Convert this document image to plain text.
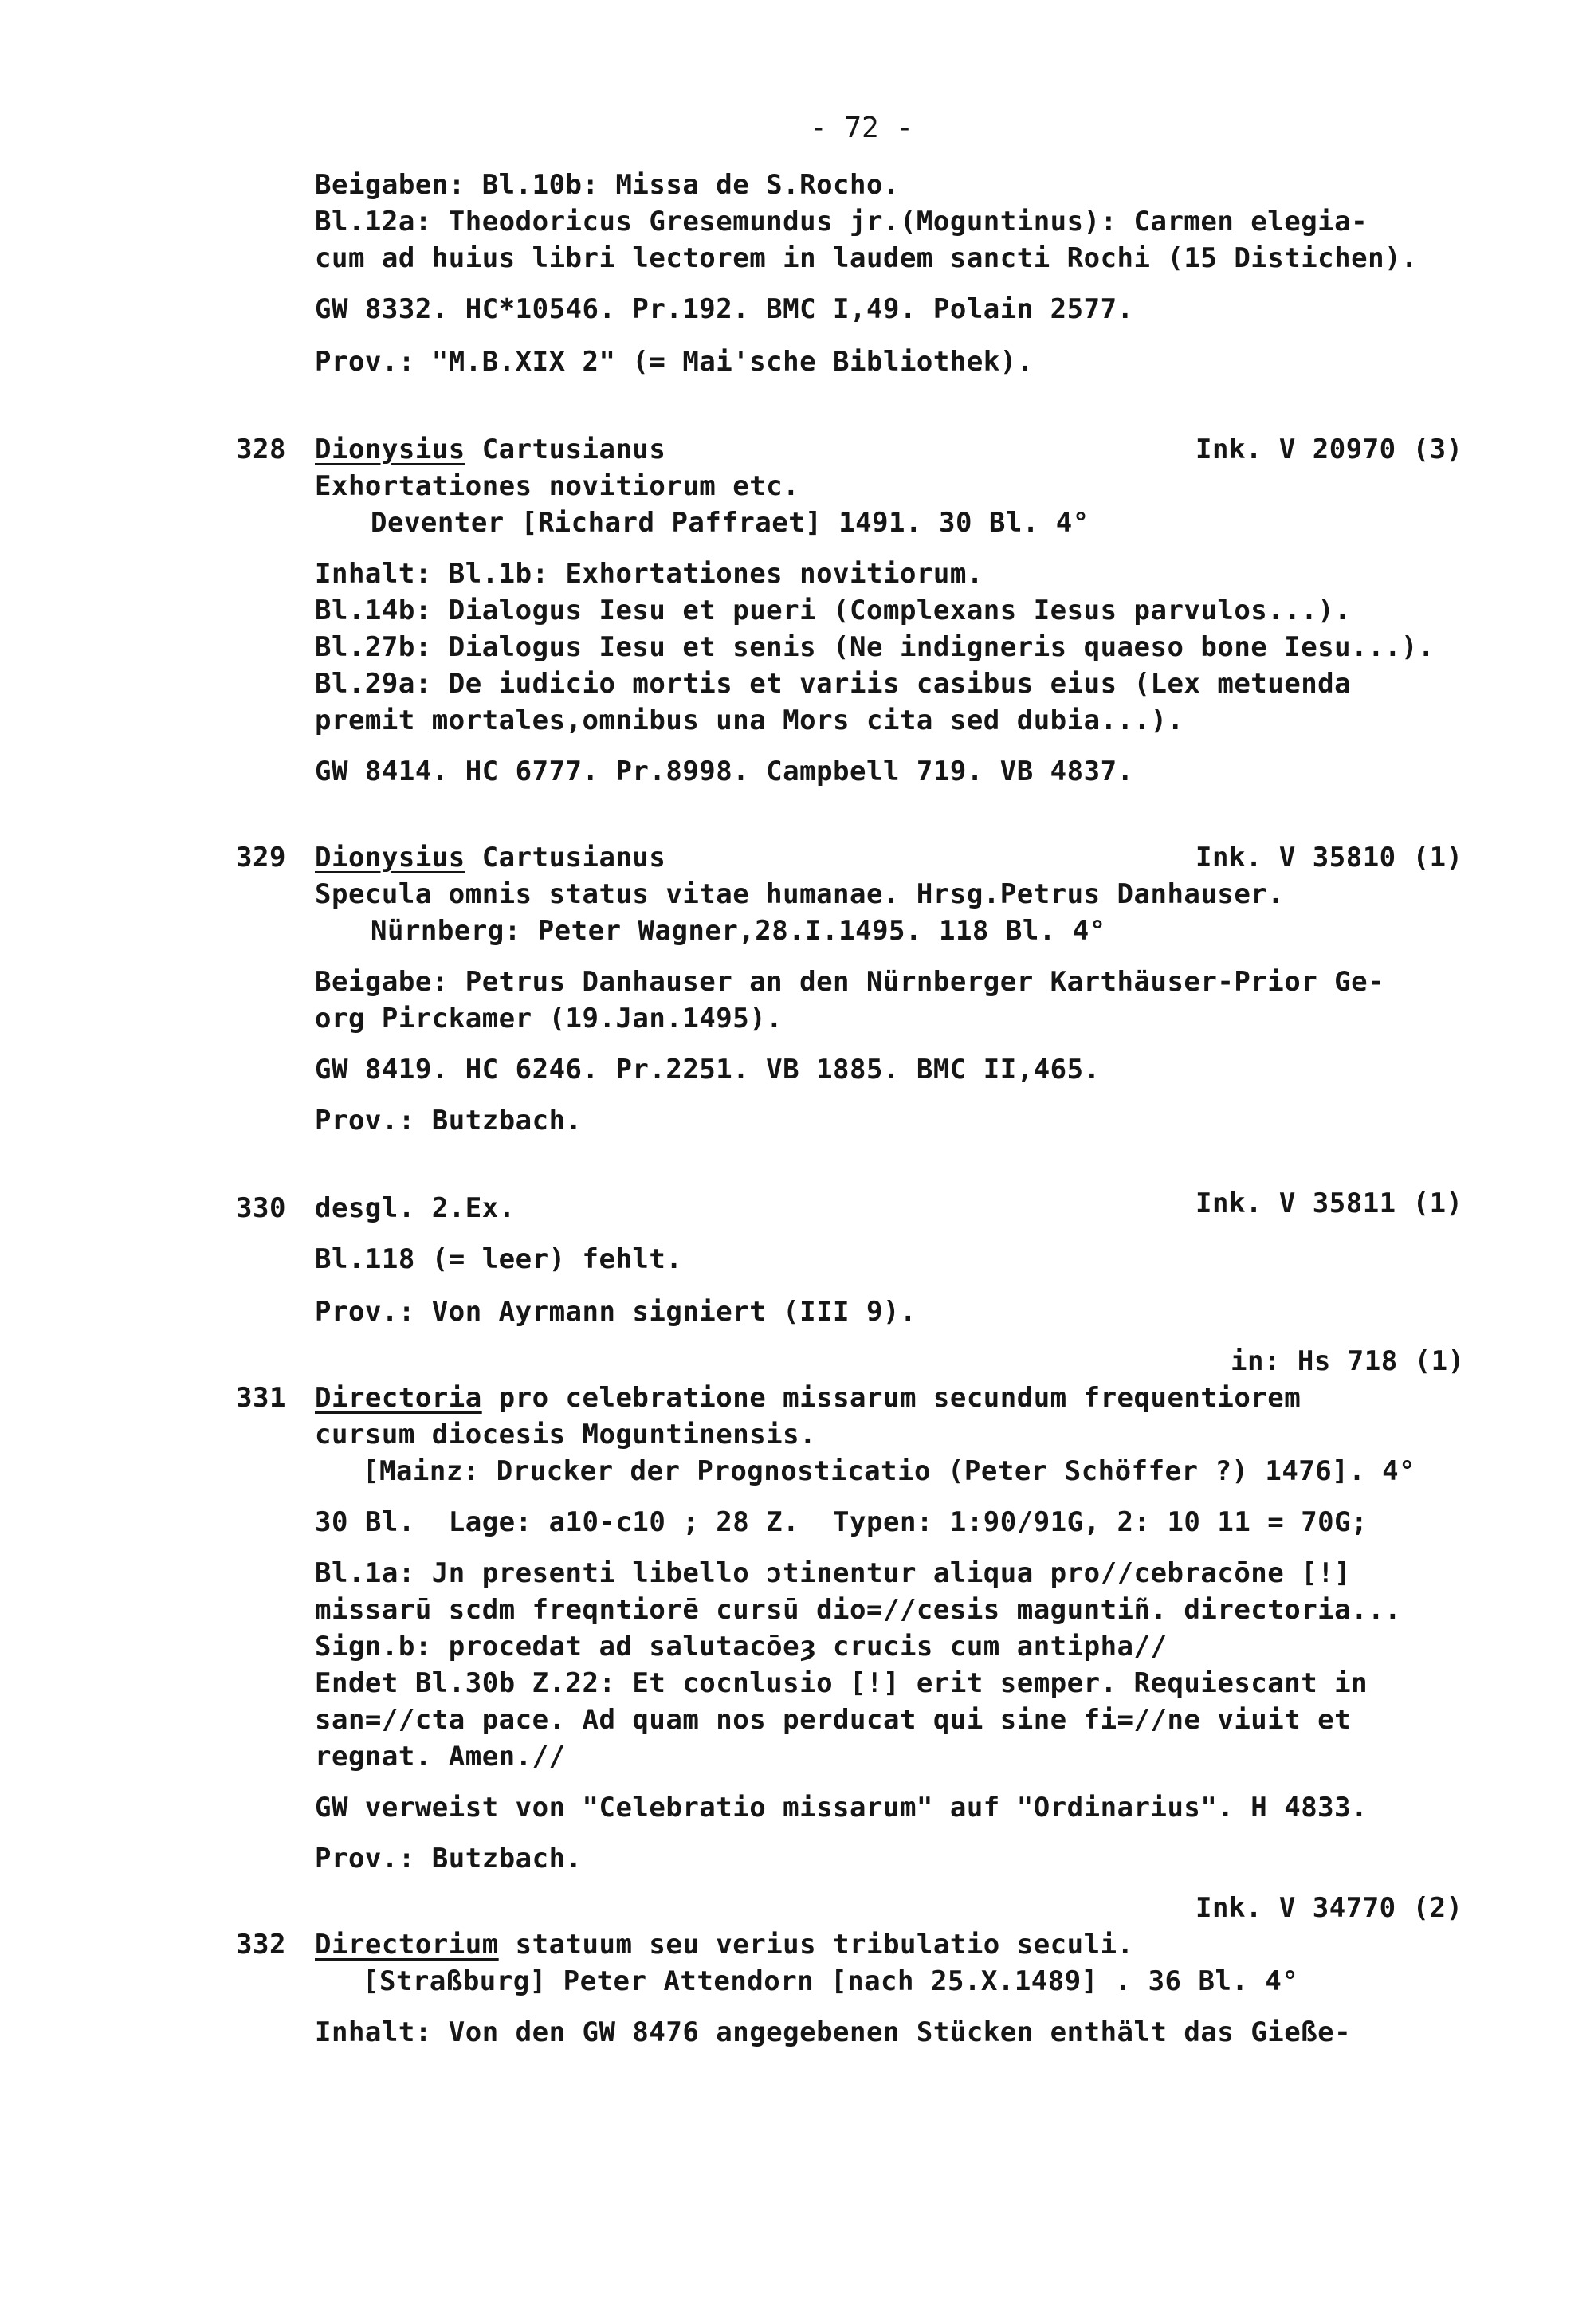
- 72 -
Beigaben: Bl.10b: Missa de S.Rocho.
Bl.12a: Theodoricus Gresemundus jr.(Moguntinus): Carmen elegia-
cum ad huius libri lectorem in laudem sancti Rochi (15 Distichen).
GW 8332. HC*10546. Pr.192. BMC I,49. Polain 2577.
Prov.: "M.B.XIX 2" (= Mai'sche Bibliothek).
328 Dionysius Cartusianus	Ink. V 20970 (3)
Exhortationes novitiorum etc.
Deventer [Richard Paffraet] 1491. 30 Bl. 4°
Inhalt: Bl.1b: Exhortationes novitiorum.
Bl.14b: Dialogus Iesu et pueri (Complexans Iesus parvulos...).
Bl.27b: Dialogus Iesu et senis (Ne indigneris quaeso bone Iesu...).
Bl.29a: De iudicio mortis et variis casibus eius (Lex metuenda
premit mortales,omnibus una Mors cita sed dubia...).
GW 8414. HC 6777. Pr.8998. Campbell 719. VB 4837.
329 Dionysius Cartusianus	Ink. V 35810 (1)
Specula omnis status vitae humanae. Hrsg.Petrus Danhauser.
Nürnberg: Peter Wagner,28.I.1495. 118 Bl. 4°
Beigabe: Petrus Danhauser an den Nürnberger Karthäuser-Prior Ge-
org Pirckamer (19.Jan.1495).
GW 8419. HC 6246. Pr.2251. VB 1885. BMC II,465.
Prov.: Butzbach.
330 desgl. 2.Ex.	Ink. V 35811 (1)
Bl.118 (= leer) fehlt.
Prov.: Von Ayrmann signiert (III 9).
in: Hs 718 (1)
331 Directoria pro celebratione missarum secundum frequentiorem
cursum diocesis Moguntinensis.
[Mainz: Drucker der Prognosticatio (Peter Schöffer ?) 1476]. 4°
30 Bl.  Lage: a10-c10 ; 28 Z.  Typen: 1:90/91G, 2: 10 11 = 70G;
Bl.1a: Jn presenti libello ɔtinentur aliqua pro//cebracōne [!]
missarū scdm freqntiorē cursū dio=//cesis maguntiñ. directoria...
Sign.b: procedat ad salutacōeȝ crucis cum antipha//
Endet Bl.30b Z.22: Et cocnlusio [!] erit semper. Requiescant in
san=//cta pace. Ad quam nos perducat qui sine fi=//ne viuit et
regnat. Amen.//
GW verweist von "Celebratio missarum" auf "Ordinarius". H 4833.
Prov.: Butzbach.
Ink. V 34770 (2)
332 Directorium statuum seu verius tribulatio seculi.
[Straßburg] Peter Attendorn [nach 25.X.1489] . 36 Bl. 4°
Inhalt: Von den GW 8476 angegebenen Stücken enthält das Gieße-
